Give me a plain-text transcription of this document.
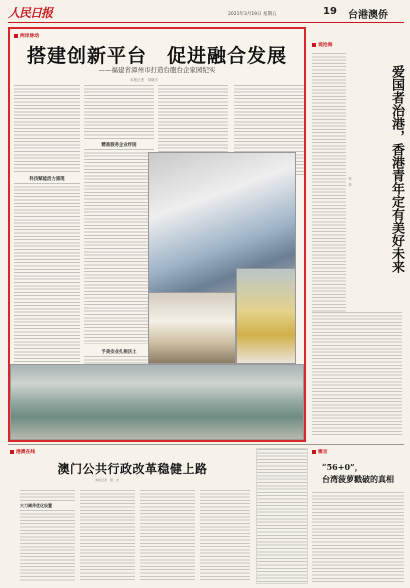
人民日报	2021年3月19日 星期五	19 台港澳侨
两岸脉动
搭建创新平台　促进融合发展
—— 福建省漳州市打造台胞台企家园纪实
本报记者　刘晓宇
科技赋能活力涌现
精准服务企业纾困
予美安业扎根沃土
观沧海
爱国者治港，香港青年定有美好未来
张　浩
港澳在线
澳门公共行政改革稳健上路
本报记者　程　龙
大刀阔斧优化设置
微言
“56+0”，
台湾菠萝戳破的真相
